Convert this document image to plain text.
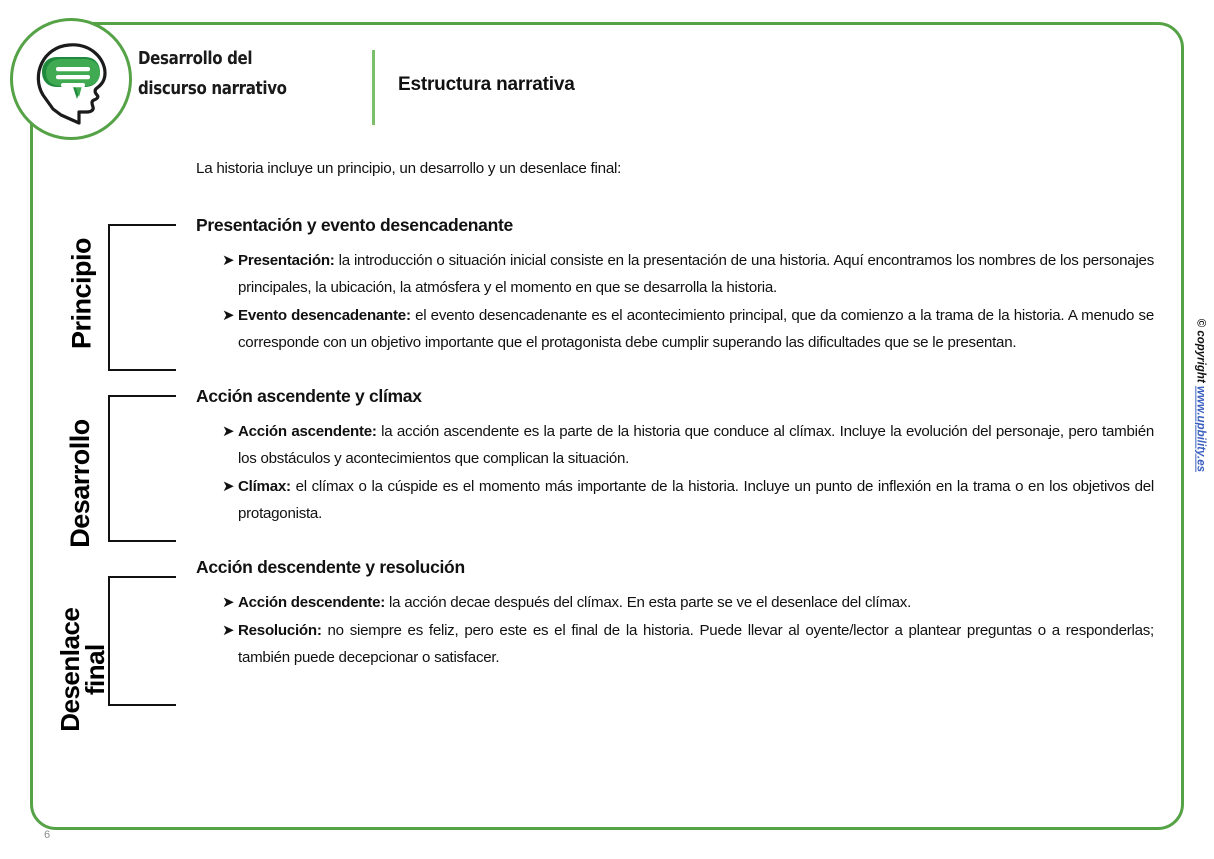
Desarrollo del discurso narrativo	Estructura narrativa
Principio
Desarrollo
Desenlace
final
La historia incluye un principio, un desarrollo y un desenlace final:
Presentación y evento desencadenante
➤ Presentación: la introducción o situación inicial consiste en la presentación de una historia. Aquí encontramos los nombres de los personajes principales, la ubicación, la atmósfera y el momento en que se desarrolla la historia.
➤ Evento desencadenante: el evento desencadenante es el acontecimiento principal, que da comienzo a la trama de la historia. A menudo se corresponde con un objetivo importante que el protagonista debe cumplir superando las dificultades que se le presentan.
Acción ascendente y clímax
➤ Acción ascendente: la acción ascendente es la parte de la historia que conduce al clímax. Incluye la evolución del personaje, pero también los obstáculos y acontecimientos que complican la situación.
➤ Clímax: el clímax o la cúspide es el momento más importante de la historia. Incluye un punto de inflexión en la trama o en los objetivos del protagonista.
Acción descendente y resolución
➤ Acción descendente: la acción decae después del clímax. En esta parte se ve el desenlace del clímax.
➤ Resolución: no siempre es feliz, pero este es el final de la historia. Puede llevar al oyente/lector a plantear preguntas o a responderlas; también puede decepcionar o satisfacer.
© copyright www.upbility.es
6
